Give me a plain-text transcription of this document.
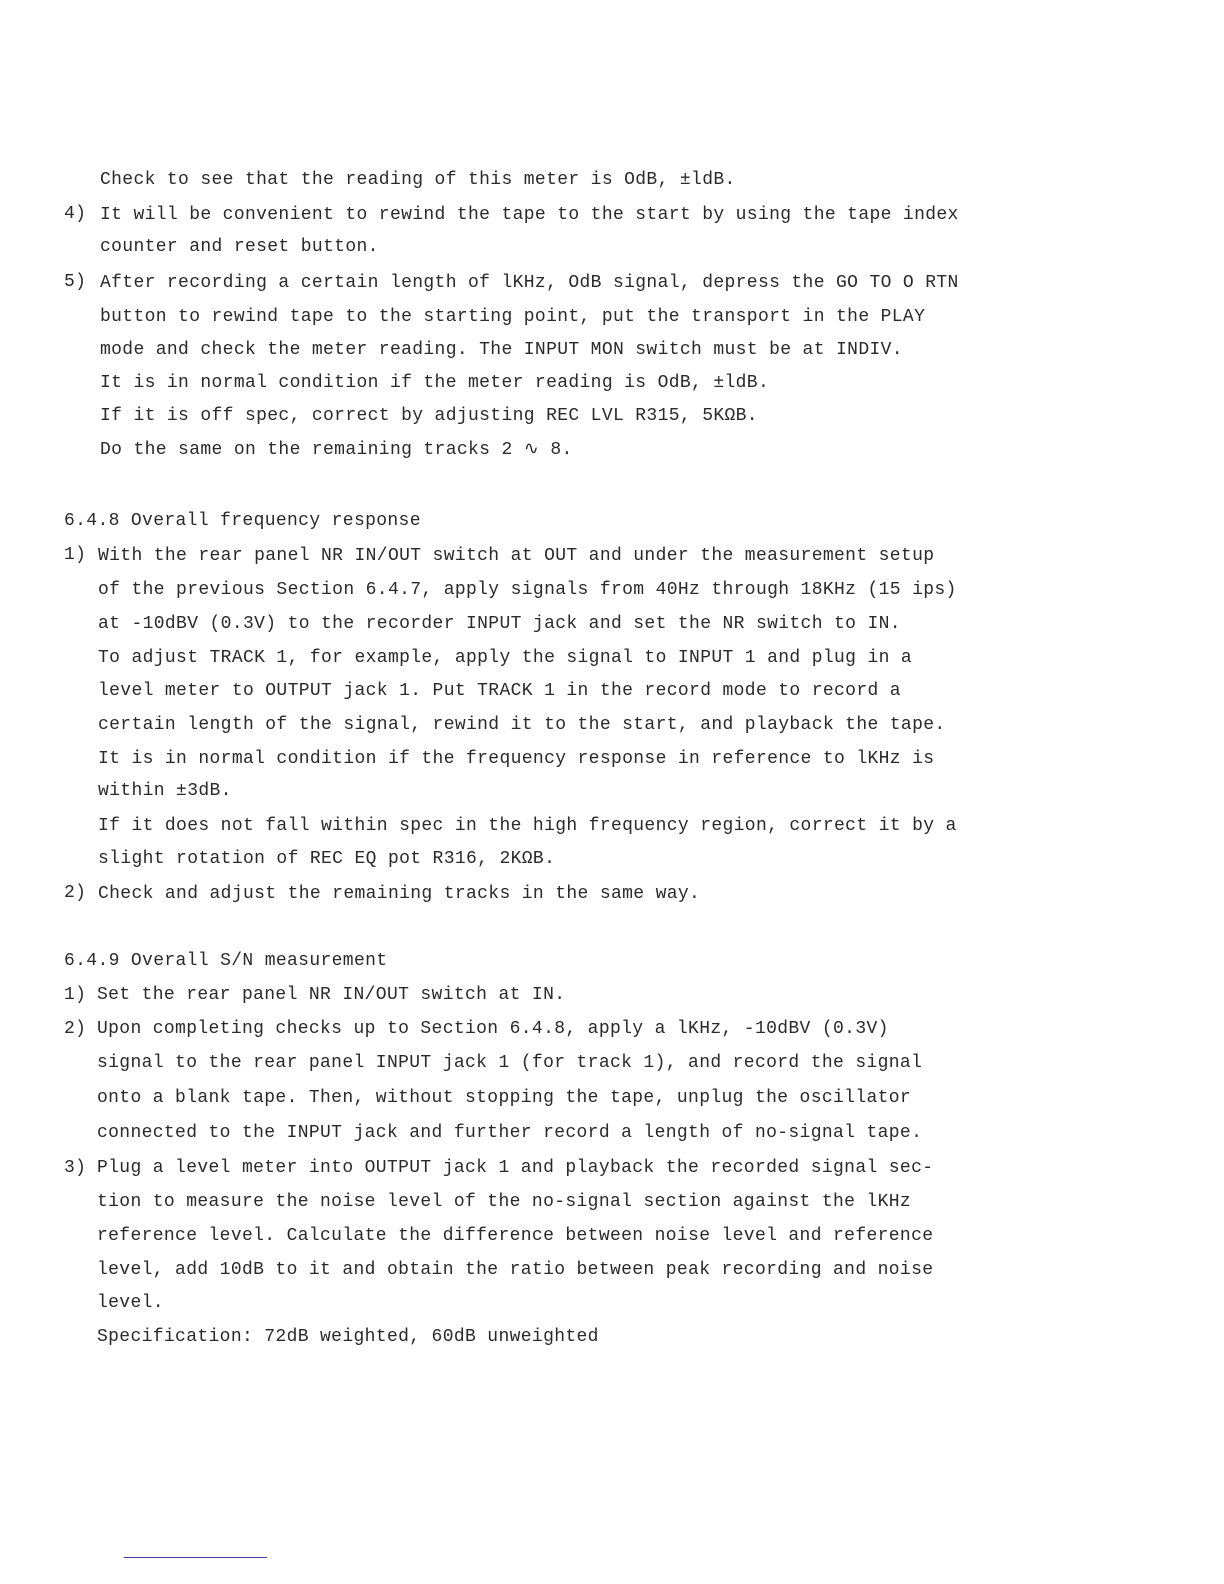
Check to see that the reading of this meter is OdB, ±ldB.
4) It will be convenient to rewind the tape to the start by using the tape index
counter and reset button.
5) After recording a certain length of lKHz, OdB signal, depress the GO TO O RTN
button to rewind tape to the starting point, put the transport in the PLAY
mode and check the meter reading. The INPUT MON switch must be at INDIV.
It is in normal condition if the meter reading is OdB, ±ldB.
If it is off spec, correct by adjusting REC LVL R315, 5KΩB.
Do the same on the remaining tracks 2 ∿ 8.
6.4.8 Overall frequency response
1) With the rear panel NR IN/OUT switch at OUT and under the measurement setup
of the previous Section 6.4.7, apply signals from 40Hz through 18KHz (15 ips)
at -10dBV (0.3V) to the recorder INPUT jack and set the NR switch to IN.
To adjust TRACK 1, for example, apply the signal to INPUT 1 and plug in a
level meter to OUTPUT jack 1. Put TRACK 1 in the record mode to record a
certain length of the signal, rewind it to the start, and playback the tape.
It is in normal condition if the frequency response in reference to lKHz is
within ±3dB.
If it does not fall within spec in the high frequency region, correct it by a
slight rotation of REC EQ pot R316, 2KΩB.
2) Check and adjust the remaining tracks in the same way.
6.4.9 Overall S/N measurement
1) Set the rear panel NR IN/OUT switch at IN.
2) Upon completing checks up to Section 6.4.8, apply a lKHz, -10dBV (0.3V)
signal to the rear panel INPUT jack 1 (for track 1), and record the signal
onto a blank tape. Then, without stopping the tape, unplug the oscillator
connected to the INPUT jack and further record a length of no-signal tape.
3) Plug a level meter into OUTPUT jack 1 and playback the recorded signal sec-
tion to measure the noise level of the no-signal section against the lKHz
reference level. Calculate the difference between noise level and reference
level, add 10dB to it and obtain the ratio between peak recording and noise
level.
Specification: 72dB weighted, 60dB unweighted
